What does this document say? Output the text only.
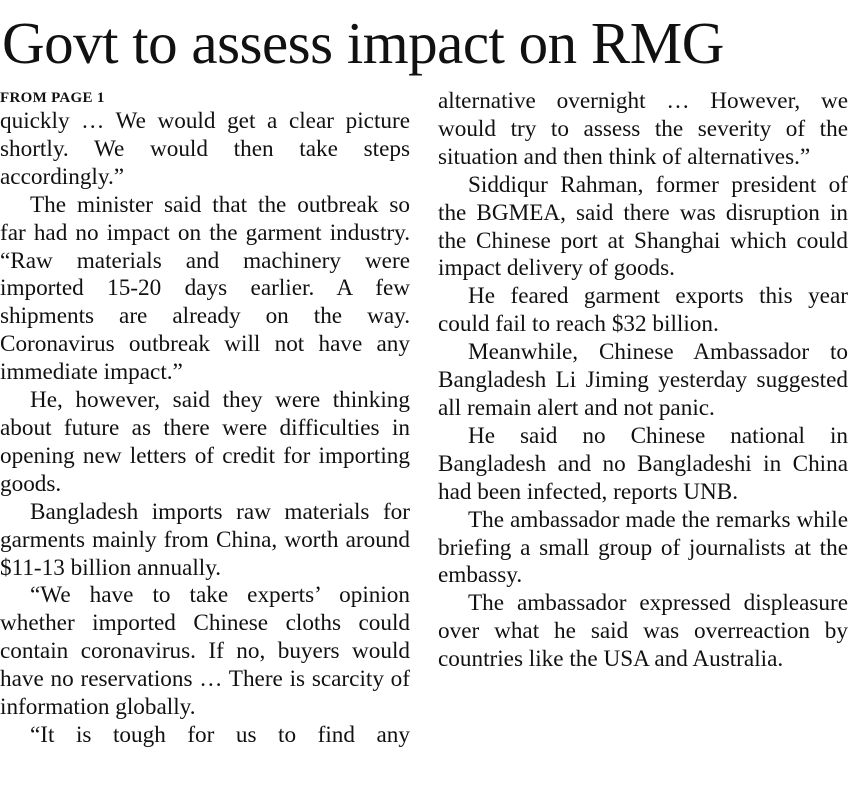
Govt to assess impact on RMG
FROM PAGE 1

quickly … We would get a clear picture shortly. We would then take steps accordingly.”

The minister said that the outbreak so far had no impact on the garment industry. “Raw materials and machinery were imported 15-20 days earlier. A few shipments are already on the way. Coronavirus outbreak will not have any immediate impact.”

He, however, said they were thinking about future as there were difficulties in opening new letters of credit for importing goods.

Bangladesh imports raw materials for garments mainly from China, worth around $11-13 billion annually.

“We have to take experts’ opinion whether imported Chinese cloths could contain coronavirus. If no, buyers would have no reservations … There is scarcity of information globally.

“It is tough for us to find any

alternative overnight … However, we would try to assess the severity of the situation and then think of alternatives.”

Siddiqur Rahman, former president of the BGMEA, said there was disruption in the Chinese port at Shanghai which could impact delivery of goods.

He feared garment exports this year could fail to reach $32 billion.

Meanwhile, Chinese Ambassador to Bangladesh Li Jiming yesterday suggested all remain alert and not panic.

He said no Chinese national in Bangladesh and no Bangladeshi in China had been infected, reports UNB.

The ambassador made the remarks while briefing a small group of journalists at the embassy.

The ambassador expressed displeasure over what he said was overreaction by countries like the USA and Australia.
